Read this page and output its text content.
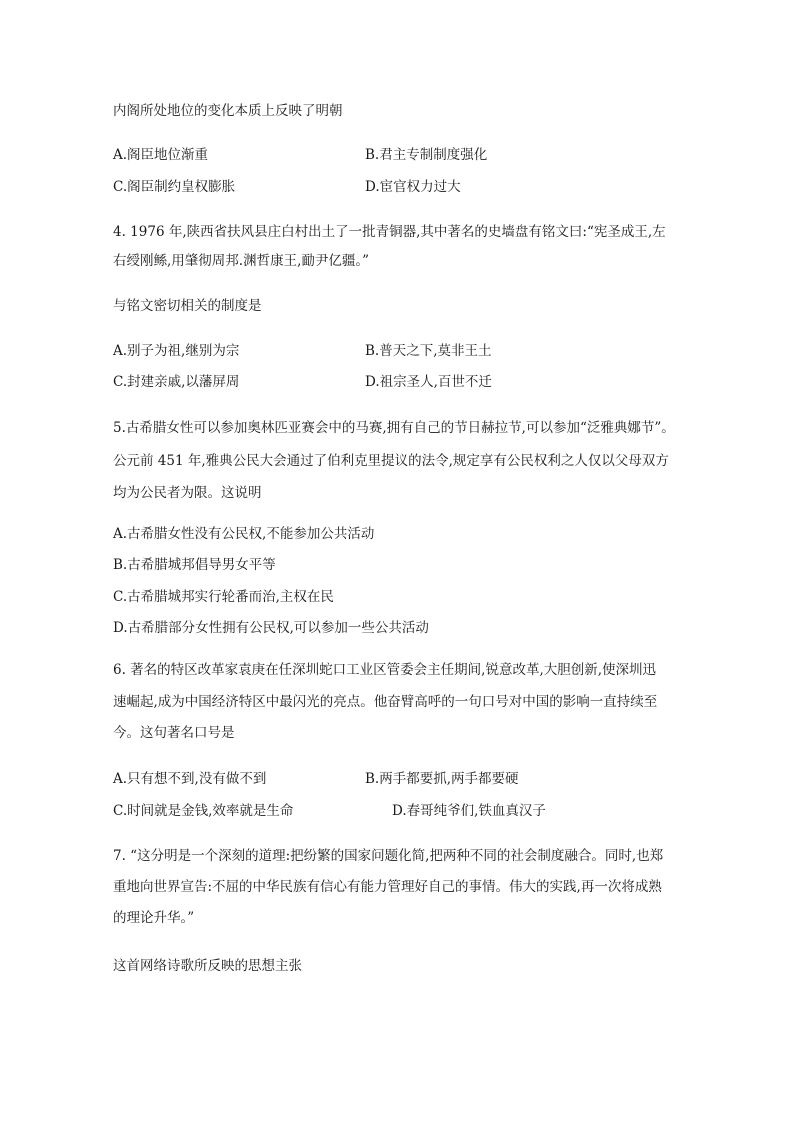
内阁所处地位的变化本质上反映了明朝
A.阁臣地位渐重	B.君主专制制度强化
C.阁臣制约皇权膨胀	D.宦官权力过大
4. 1976 年,陕西省扶风县庄白村出土了一批青铜器,其中著名的史墙盘有铭文曰:“宪圣成王,左
右绶刚鲧,用肇彻周邦.渊哲康王,勔尹亿疆。”
与铭文密切相关的制度是
A.别子为祖,继别为宗	B.普天之下,莫非王土
C.封建亲戚,以藩屏周	D.祖宗圣人,百世不迁
5.古希腊女性可以参加奥林匹亚赛会中的马赛,拥有自己的节日赫拉节,可以参加“泛雅典娜节”。
公元前 451 年,雅典公民大会通过了伯利克里提议的法令,规定享有公民权利之人仅以父母双方
均为公民者为限。这说明
A.古希腊女性没有公民权,不能参加公共活动
B.古希腊城邦倡导男女平等
C.古希腊城邦实行轮番而治,主权在民
D.古希腊部分女性拥有公民权,可以参加一些公共活动
6. 著名的特区改革家袁庚在任深圳蛇口工业区管委会主任期间,锐意改革,大胆创新,使深圳迅
速崛起,成为中国经济特区中最闪光的亮点。他奋臂高呼的一句口号对中国的影响一直持续至
今。这句著名口号是
A.只有想不到,没有做不到	B.两手都要抓,两手都要硬
C.时间就是金钱,效率就是生命	D.春哥纯爷们,铁血真汉子
7. “这分明是一个深刻的道理:把纷繁的国家问题化简,把两种不同的社会制度融合。同时,也郑
重地向世界宣告:不屈的中华民族有信心有能力管理好自己的事情。伟大的实践,再一次将成熟
的理论升华。”
这首网络诗歌所反映的思想主张
